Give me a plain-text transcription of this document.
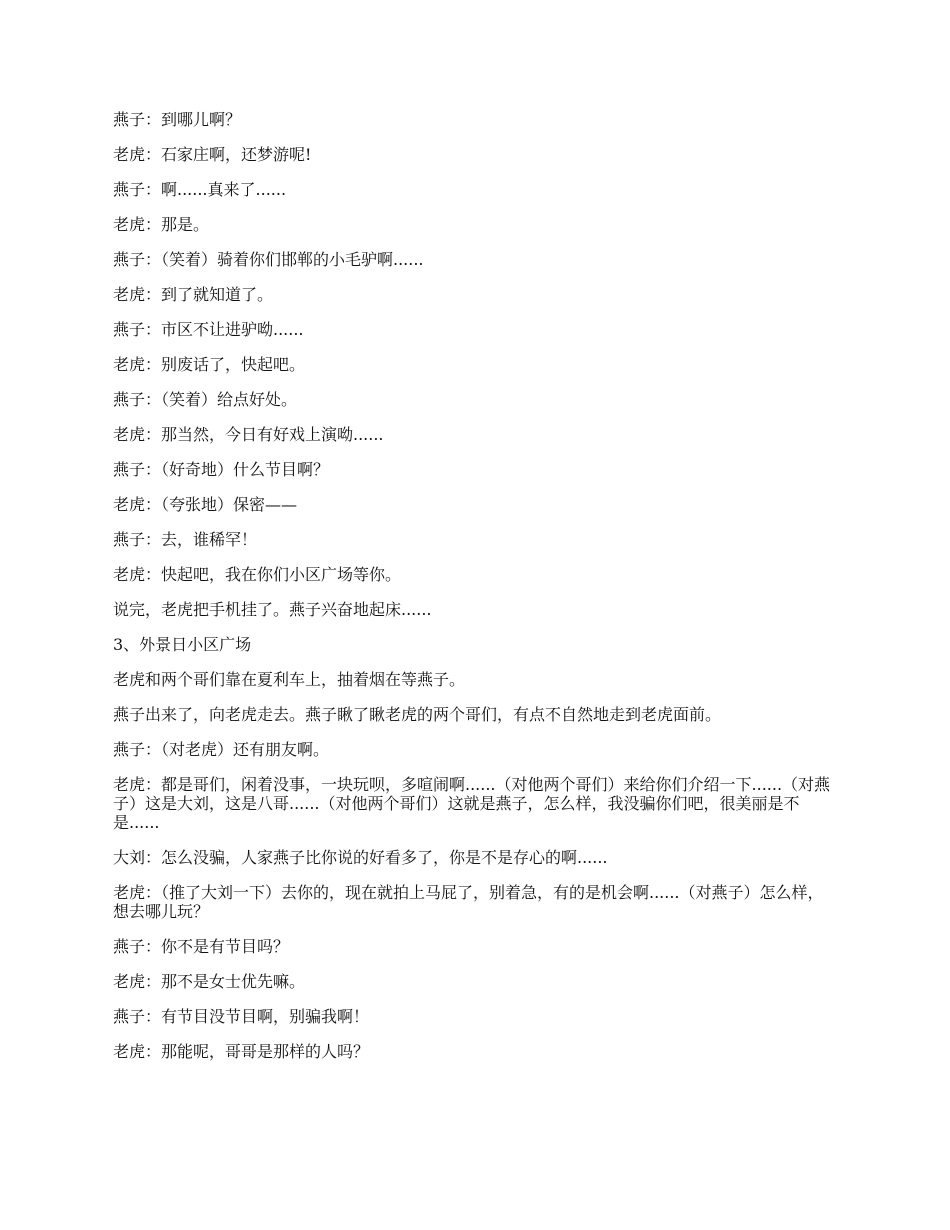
燕子：到哪儿啊？

老虎：石家庄啊，还梦游呢!

燕子：啊......真来了......

老虎：那是。

燕子：（笑着）骑着你们邯郸的小毛驴啊......

老虎：到了就知道了。

燕子：市区不让进驴呦......

老虎：别废话了，快起吧。

燕子：（笑着）给点好处。

老虎：那当然，今日有好戏上演呦......

燕子：（好奇地）什么节目啊？

老虎：（夸张地）保密——

燕子：去，谁稀罕！

老虎：快起吧，我在你们小区广场等你。

说完，老虎把手机挂了。燕子兴奋地起床......

3、外景日小区广场

老虎和两个哥们靠在夏利车上，抽着烟在等燕子。

燕子出来了，向老虎走去。燕子瞅了瞅老虎的两个哥们，有点不自然地走到老虎面前。

燕子：（对老虎）还有朋友啊。

老虎：都是哥们，闲着没事，一块玩呗，多喧闹啊......（对他两个哥们）来给你们介绍一下......（对燕子）这是大刘，这是八哥......（对他两个哥们）这就是燕子，怎么样，我没骗你们吧，很美丽是不是......

大刘：怎么没骗，人家燕子比你说的好看多了，你是不是存心的啊......

老虎：（推了大刘一下）去你的，现在就拍上马屁了，别着急，有的是机会啊......（对燕子）怎么样，想去哪儿玩？

燕子：你不是有节目吗？

老虎：那不是女士优先嘛。

燕子：有节目没节目啊，别骗我啊！

老虎：那能呢，哥哥是那样的人吗？
